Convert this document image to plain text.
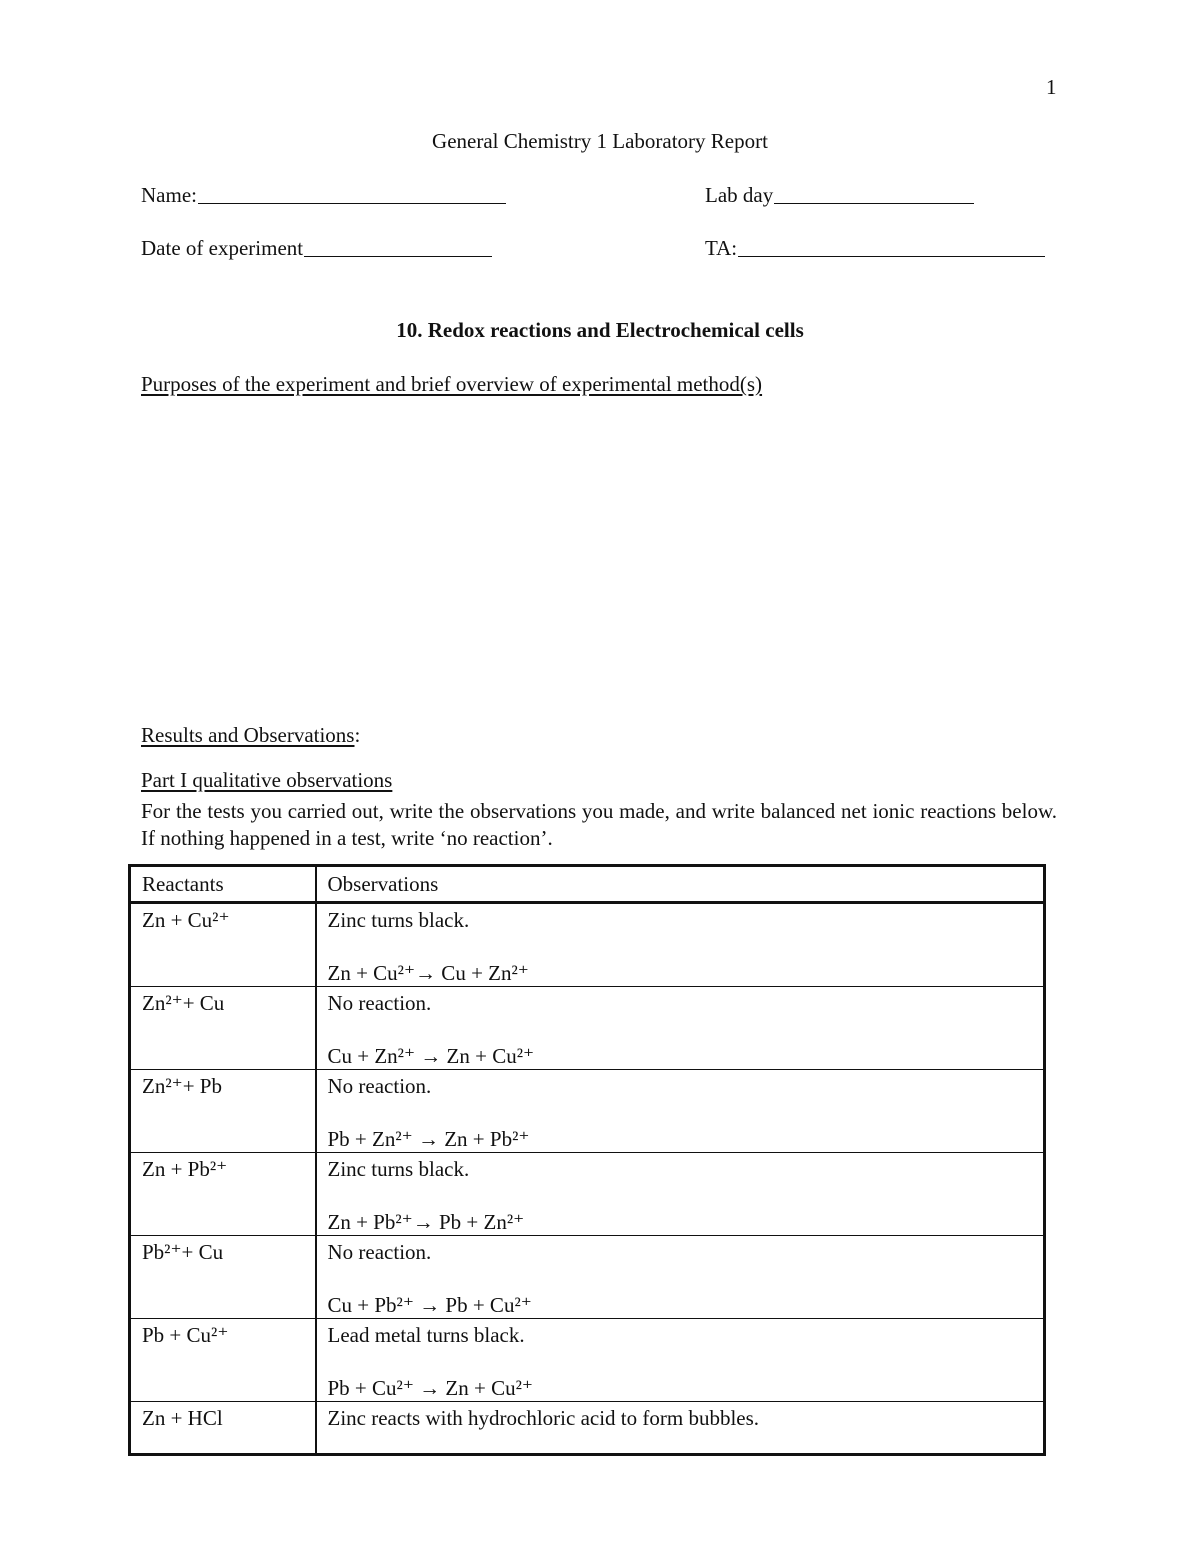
1
General Chemistry 1 Laboratory Report
Name:	Lab day
Date of experiment	TA:
10. Redox reactions and Electrochemical cells
Purposes of the experiment and brief overview of experimental method(s)
Results and Observations:
Part I qualitative observations
For the tests you carried out, write the observations you made, and write balanced net ionic reactions below. If nothing happened in a test, write ‘no reaction’.
Reactants	Observations
Zn + Cu²⁺	Zinc turns black.
Zn + Cu²⁺→ Cu + Zn²⁺

Zn²⁺+ Cu	No reaction.
Cu + Zn²⁺ → Zn + Cu²⁺

Zn²⁺+ Pb	No reaction.
Pb + Zn²⁺ → Zn + Pb²⁺

Zn + Pb²⁺	Zinc turns black.
Zn + Pb²⁺→ Pb + Zn²⁺

Pb²⁺+ Cu	No reaction.
Cu + Pb²⁺ → Pb + Cu²⁺

Pb + Cu²⁺	Lead metal turns black.
Pb + Cu²⁺ → Zn + Cu²⁺

Zn + HCl	Zinc reacts with hydrochloric acid to form bubbles.
